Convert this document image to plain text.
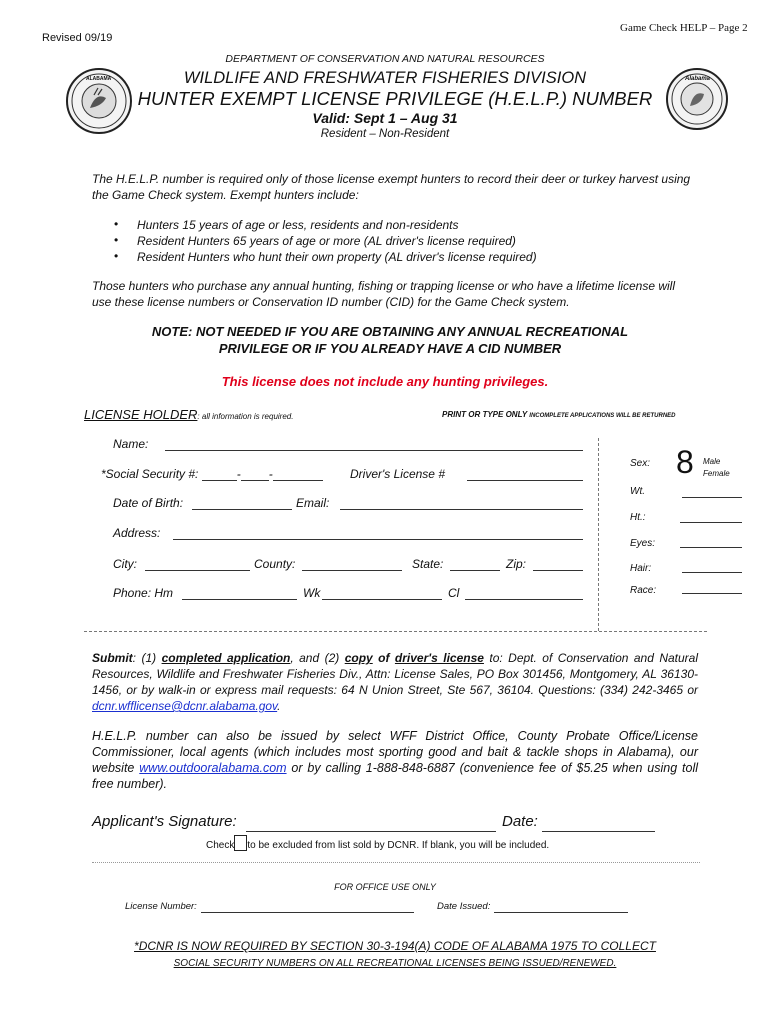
Game Check HELP – Page 2
Revised 09/19
DEPARTMENT OF CONSERVATION AND NATURAL RESOURCES
ALABAMA	WILDLIFE AND FRESHWATER FISHERIES DIVISION
HUNTER EXEMPT LICENSE PRIVILEGE (H.E.L.P.) NUMBER
Valid: Sept 1 – Aug 31
Resident – Non-Resident
Alabama
The H.E.L.P. number is required only of those license exempt hunters to record their deer or turkey harvest using the Game Check system. Exempt hunters include:
• Hunters 15 years of age or less, residents and non-residents
• Resident Hunters 65 years of age or more (AL driver's license required)
• Resident Hunters who hunt their own property (AL driver's license required)
Those hunters who purchase any annual hunting, fishing or trapping license or who have a lifetime license will use these license numbers or Conservation ID number (CID) for the Game Check system.
NOTE: NOT NEEDED IF YOU ARE OBTAINING ANY ANNUAL RECREATIONAL PRIVILEGE OR IF YOU ALREADY HAVE A CID NUMBER
This license does not include any hunting privileges.
LICENSE HOLDER: all information is required.	PRINT OR TYPE ONLY INCOMPLETE APPLICATIONS WILL BE RETURNED
Name:
*Social Security #:	- -	Driver's License #
Date of Birth:	Email:
Address:
City:	County:	State:	Zip:
Phone: Hm	Wk	Cl
Sex: 8 Male
Female
Wt.
Ht.:
Eyes:
Hair:
Race:
Submit: (1) completed application, and (2) copy of driver's license to: Dept. of Conservation and Natural Resources, Wildlife and Freshwater Fisheries Div., Attn: License Sales, PO Box 301456, Montgomery, AL 36130-1456, or by walk-in or express mail requests: 64 N Union Street, Ste 567, 36104. Questions: (334) 242-3465 or dcnr.wfflicense@dcnr.alabama.gov.
H.E.L.P. number can also be issued by select WFF District Office, County Probate Office/License Commissioner, local agents (which includes most sporting good and bait & tackle shops in Alabama), our website www.outdooralabama.com or by calling 1-888-848-6887 (convenience fee of $5.25 when using toll free number).
Applicant's Signature:	Date:
Check to be excluded from list sold by DCNR. If blank, you will be included.
FOR OFFICE USE ONLY
License Number:	Date Issued:
*DCNR IS NOW REQUIRED BY SECTION 30-3-194(A) CODE OF ALABAMA 1975 TO COLLECT
SOCIAL SECURITY NUMBERS ON ALL RECREATIONAL LICENSES BEING ISSUED/RENEWED.
